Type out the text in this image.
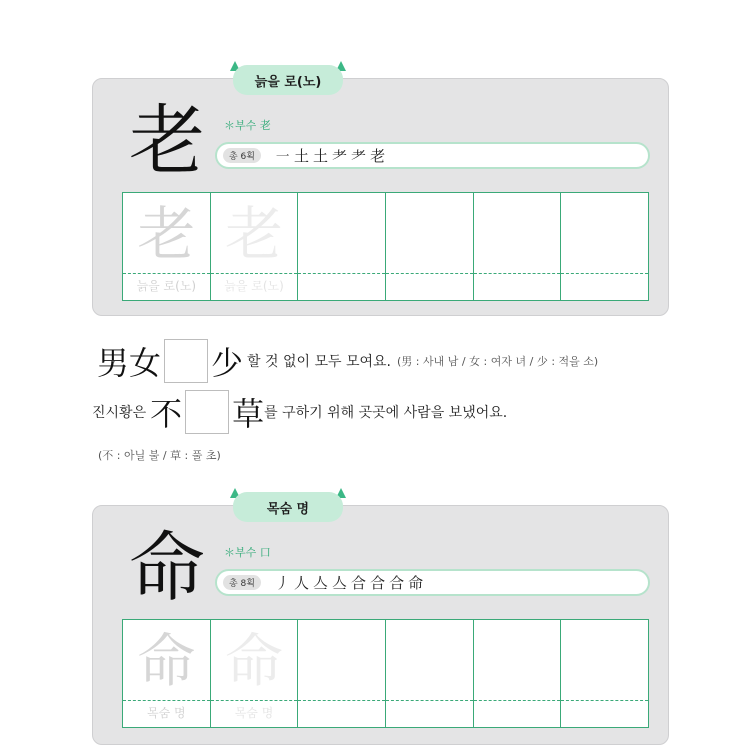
늙을 로(노)
老 ＊부수 老
총 6획	㇐ 土 土 耂 耂 老
老
늙을 로(노)
老
늙을 로(노)
男女 少 할 것 없이 모두 모여요. (男 : 사내 남 / 女 : 여자 녀 / 少 : 적을 소)
진시황은 不 草 를 구하기 위해 곳곳에 사람을 보냈어요.
(不 : 아닐 불 / 草 : 풀 초)
목숨 명
命 ＊부수 口
총 8획	丿 人 亼 亼 合 合 合 命
命
목숨 명
命
목숨 명
